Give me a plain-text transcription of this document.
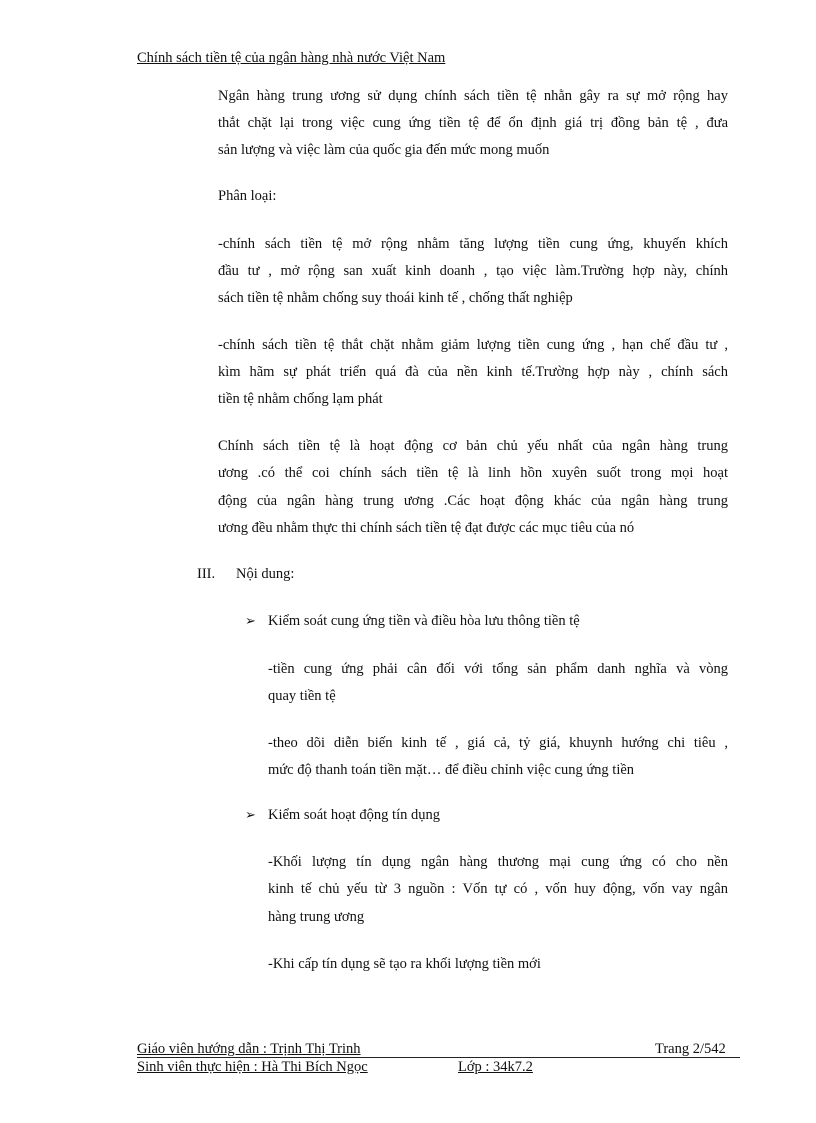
Chính sách tiền tệ của ngân hàng nhà nước Việt Nam
Ngân hàng trung ương sử dụng chính sách tiền tệ nhằn gây ra sự mở rộng hay
thắt chặt lại trong việc cung ứng tiền tệ để ổn định giá trị đồng bản tệ , đưa
sản lượng và việc làm của quốc gia đến mức mong muốn
Phân loại:
-chính sách tiền tệ mở rộng nhằm tăng lượng tiền cung ứng, khuyến khích
đầu tư , mở rộng san xuất kinh doanh , tạo việc làm.Trường hợp này, chính
sách tiền tệ nhằm chống suy thoái kinh tế , chống thất nghiệp
-chính sách tiền tệ thắt chặt nhằm giảm lượng tiền cung ứng , hạn chế đầu tư ,
kìm hãm sự phát triển quá đà của nền kinh tế.Trường hợp này , chính sách
tiền tệ nhằm chống lạm phát
Chính sách tiền tệ là hoạt động cơ bản chủ yếu nhất của ngân hàng trung
ương .có thể coi chính sách tiền tệ là linh hồn xuyên suốt trong mọi hoạt
động của ngân hàng trung ương .Các hoạt động khác của ngân hàng trung
ương đều nhằm thực thi chính sách tiền tệ đạt được các mục tiêu của nó
III. Nội dung:
➢ Kiểm soát cung ứng tiền và điều hòa lưu thông tiền tệ
-tiền cung ứng phải cân đối với tổng sản phẩm danh nghĩa và vòng
quay tiền tệ
-theo dõi diễn biến kinh tế , giá cả, tỷ giá, khuynh hướng chi tiêu ,
mức độ thanh toán tiền mặt… để điều chỉnh việc cung ứng tiền
➢ Kiểm soát hoạt động tín dụng
-Khối lượng tín dụng ngân hàng thương mại cung ứng có cho nền
kinh tế chủ yếu từ 3 nguồn : Vốn tự có , vốn huy động, vốn vay ngân
hàng trung ương
-Khi cấp tín dụng sẽ tạo ra khối lượng tiền mới
Giáo viên hướng dẫn : Trịnh Thị Trinh	Trang 2/542
Sinh viên thực hiện : Hà Thi Bích Ngọc	Lớp : 34k7.2
